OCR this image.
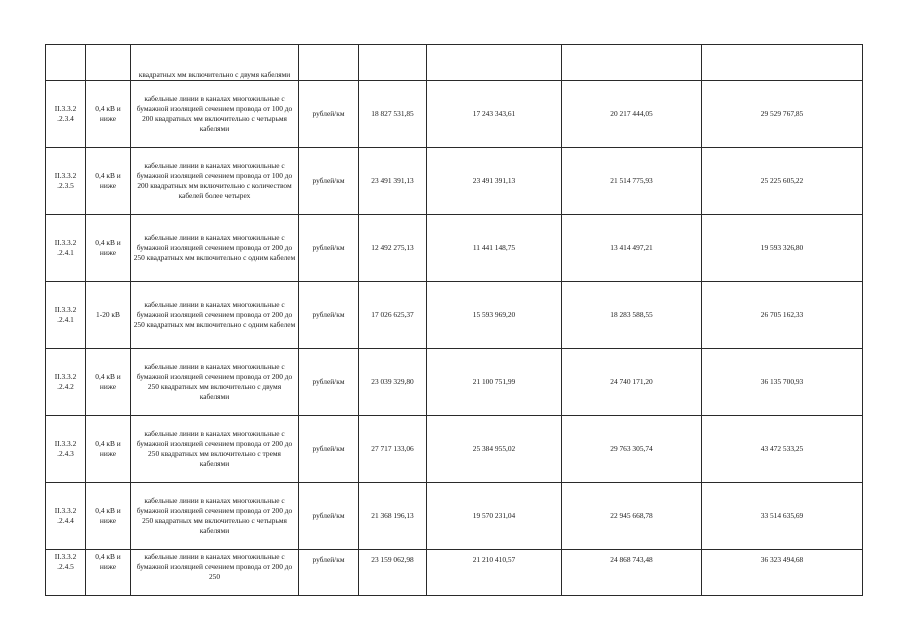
		квадратных мм включительно с двумя кабелями					
II.3.3.2 .2.3.4	0,4 кВ и ниже	кабельные линии в каналах многожильные с бумажной изоляцией сечением провода от 100 до 200 квадратных мм включительно с четырьмя кабелями	рублей/км	18 827 531,85	17 243 343,61	20 217 444,05	29 529 767,85
II.3.3.2 .2.3.5	0,4 кВ и ниже	кабельные линии в каналах многожильные с бумажной изоляцией сечением провода от 100 до 200 квадратных мм включительно с количеством кабелей более четырех	рублей/км	23 491 391,13	23 491 391,13	21 514 775,93	25 225 605,22
II.3.3.2 .2.4.1	0,4 кВ и ниже	кабельные линии в каналах многожильные с бумажной изоляцией сечением провода от 200 до 250 квадратных мм включительно с одним кабелем	рублей/км	12 492 275,13	11 441 148,75	13 414 497,21	19 593 326,80
II.3.3.2 .2.4.1	1-20 кВ	кабельные линии в каналах многожильные с бумажной изоляцией сечением провода от 200 до 250 квадратных мм включительно с одним кабелем	рублей/км	17 026 625,37	15 593 969,20	18 283 588,55	26 705 162,33
II.3.3.2 .2.4.2	0,4 кВ и ниже	кабельные линии в каналах многожильные с бумажной изоляцией сечением провода от 200 до 250 квадратных мм включительно с двумя кабелями	рублей/км	23 039 329,80	21 100 751,99	24 740 171,20	36 135 700,93
II.3.3.2 .2.4.3	0,4 кВ и ниже	кабельные линии в каналах многожильные с бумажной изоляцией сечением провода от 200 до 250 квадратных мм включительно с тремя кабелями	рублей/км	27 717 133,06	25 384 955,02	29 763 305,74	43 472 533,25
II.3.3.2 .2.4.4	0,4 кВ и ниже	кабельные линии в каналах многожильные с бумажной изоляцией сечением провода от 200 до 250 квадратных мм включительно с четырьмя кабелями	рублей/км	21 368 196,13	19 570 231,04	22 945 668,78	33 514 635,69
II.3.3.2 .2.4.5	0,4 кВ и ниже	кабельные линии в каналах многожильные с бумажной изоляцией сечением провода от 200 до 250	рублей/км	23 159 062,98	21 210 410,57	24 868 743,48	36 323 494,68
